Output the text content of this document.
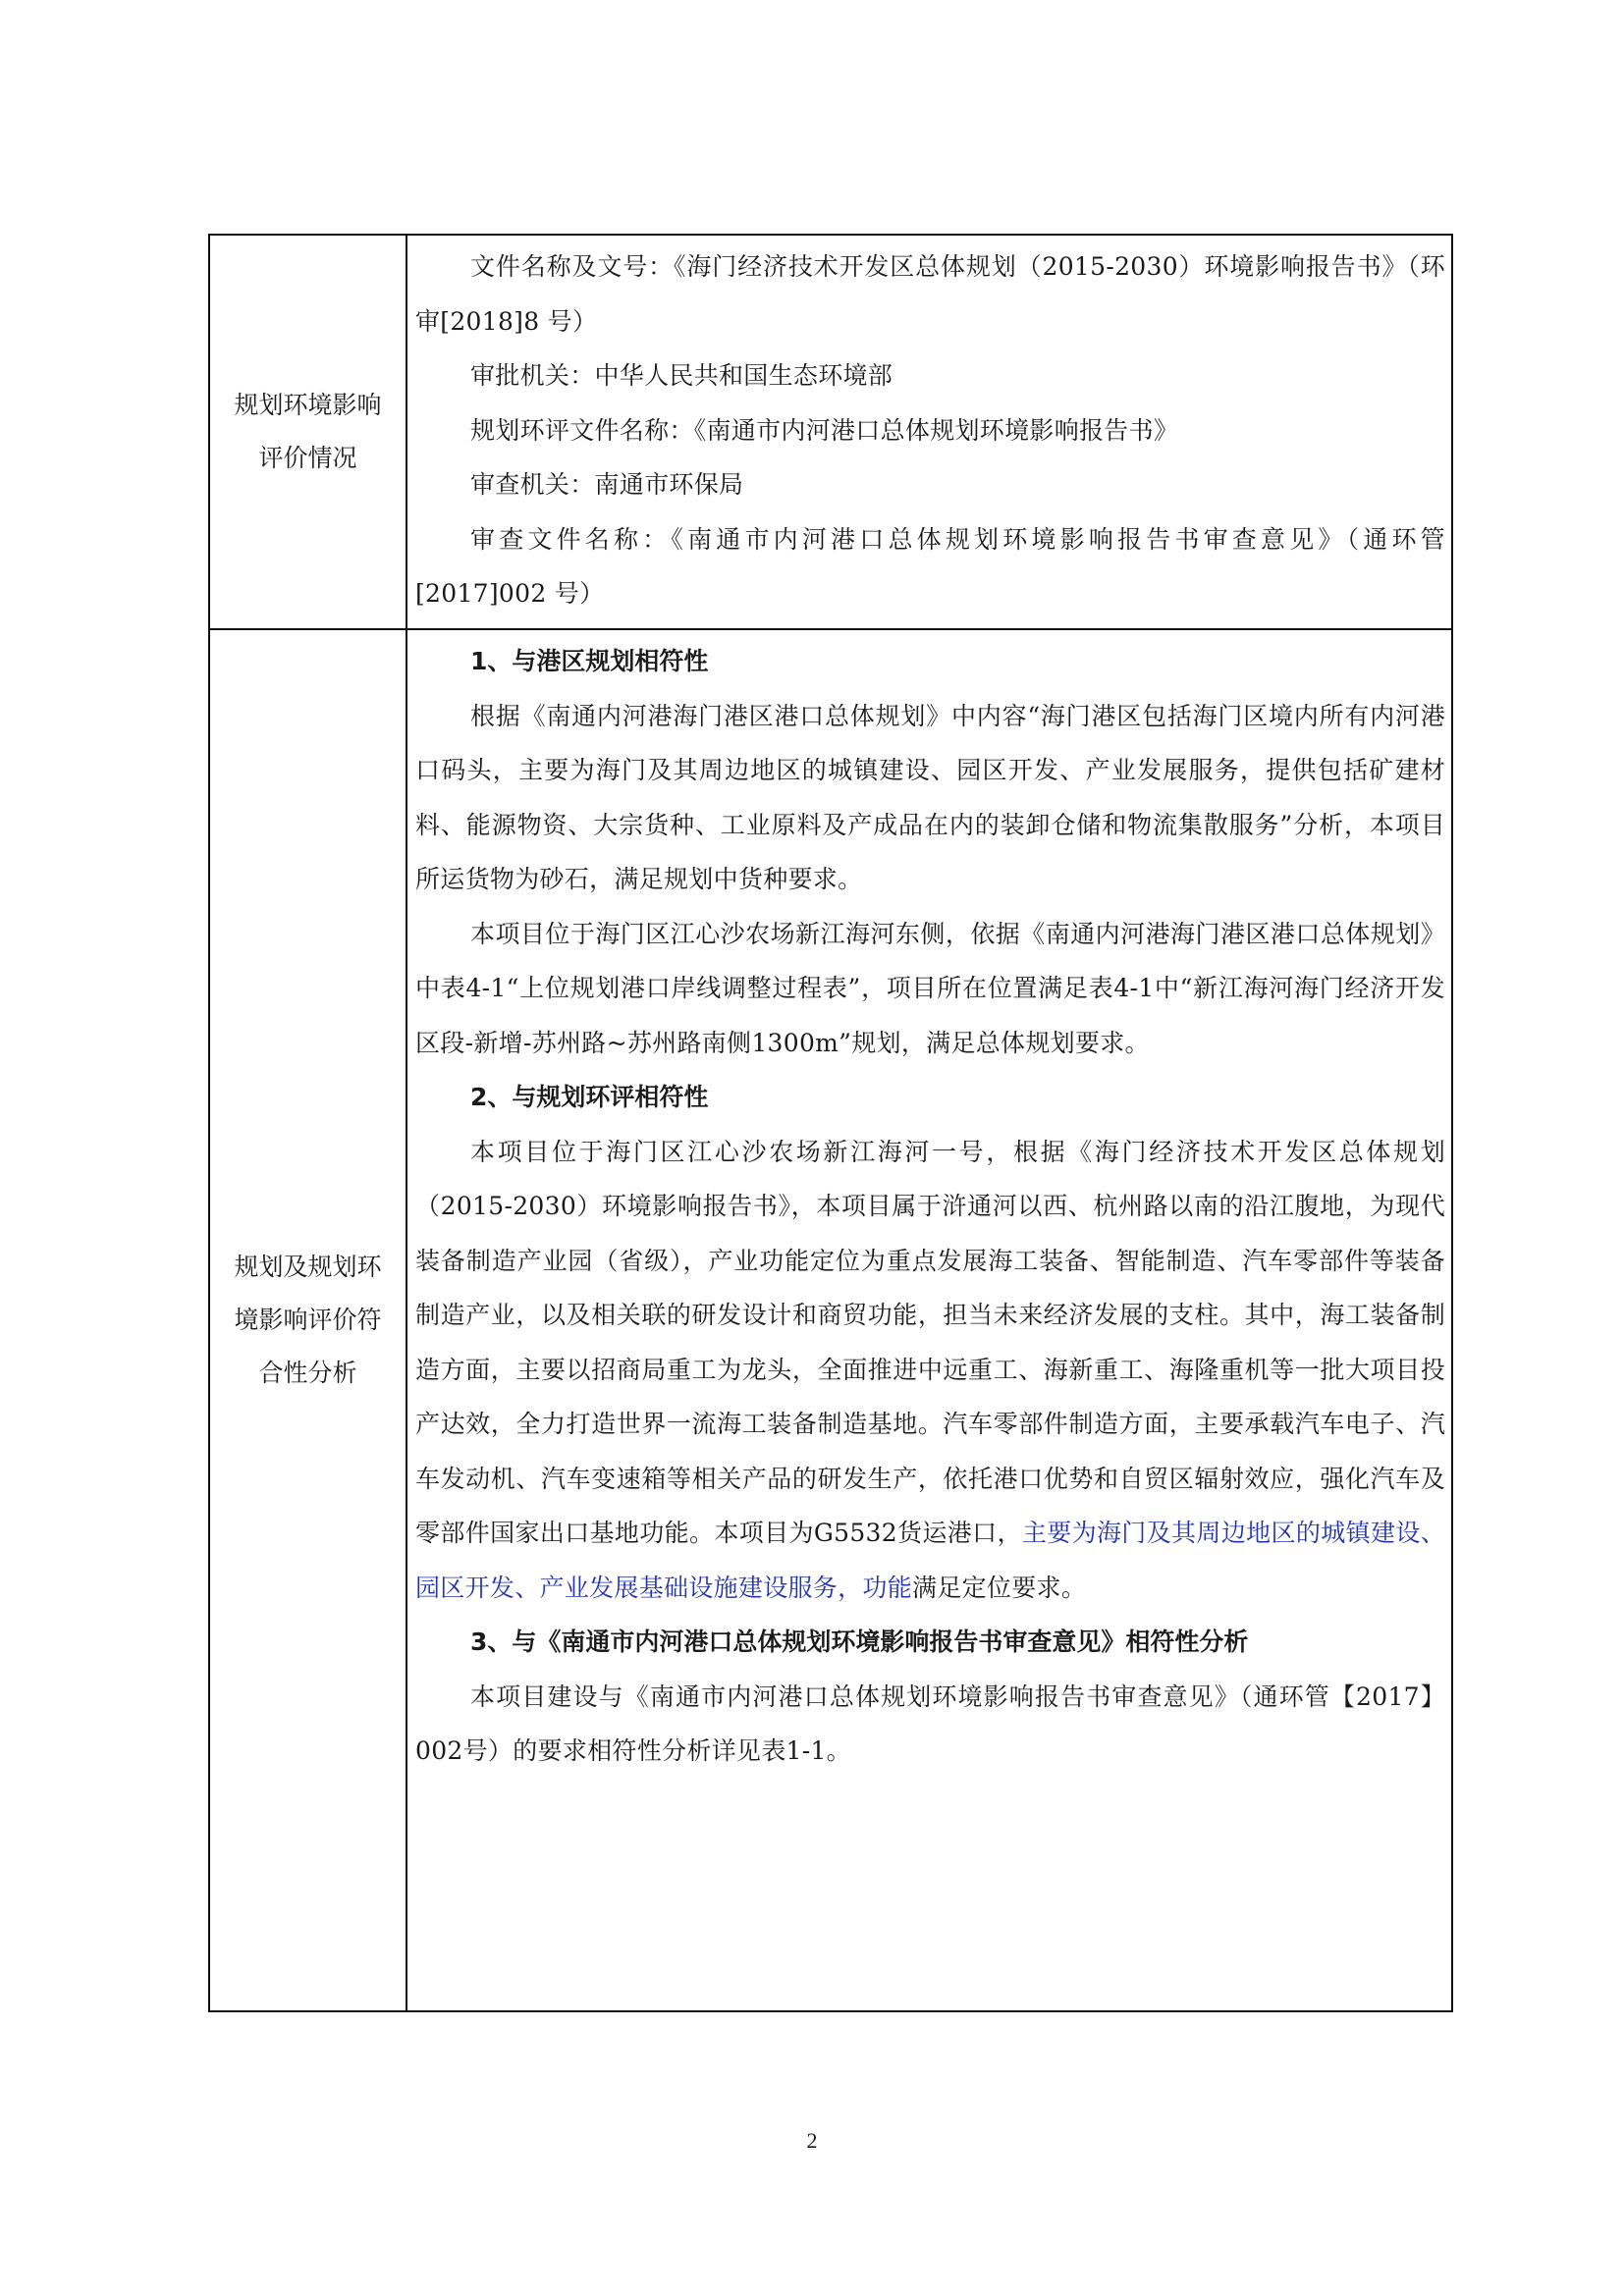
规划环境影响
评价情况

文件名称及文号：《海门经济技术开发区总体规划（2015-2030）环境影响报告书》（环审[2018]8 号）

审批机关：中华人民共和国生态环境部

规划环评文件名称：《南通市内河港口总体规划环境影响报告书》

审查机关：南通市环保局

审查文件名称：《南通市内河港口总体规划环境影响报告书审查意见》（通环管[2017]002 号）

规划及规划环
境影响评价符
合性分析

1、与港区规划相符性

根据《南通内河港海门港区港口总体规划》中内容“海门港区包括海门区境内所有内河港口码头，主要为海门及其周边地区的城镇建设、园区开发、产业发展服务，提供包括矿建材料、能源物资、大宗货种、工业原料及产成品在内的装卸仓储和物流集散服务”分析，本项目所运货物为砂石，满足规划中货种要求。

本项目位于海门区江心沙农场新江海河东侧，依据《南通内河港海门港区港口总体规划》中表4-1“上位规划港口岸线调整过程表”，项目所在位置满足表4-1中“新江海河海门经济开发区段-新增-苏州路~苏州路南侧1300m”规划，满足总体规划要求。

2、与规划环评相符性

本项目位于海门区江心沙农场新江海河一号，根据《海门经济技术开发区总体规划（2015-2030）环境影响报告书》，本项目属于浒通河以西、杭州路以南的沿江腹地，为现代装备制造产业园（省级），产业功能定位为重点发展海工装备、智能制造、汽车零部件等装备制造产业，以及相关联的研发设计和商贸功能，担当未来经济发展的支柱。其中，海工装备制造方面，主要以招商局重工为龙头，全面推进中远重工、海新重工、海隆重机等一批大项目投产达效，全力打造世界一流海工装备制造基地。汽车零部件制造方面，主要承载汽车电子、汽车发动机、汽车变速箱等相关产品的研发生产，依托港口优势和自贸区辐射效应，强化汽车及零部件国家出口基地功能。本项目为G5532货运港口，主要为海门及其周边地区的城镇建设、园区开发、产业发展基础设施建设服务，功能满足定位要求。

3、与《南通市内河港口总体规划环境影响报告书审查意见》相符性分析

本项目建设与《南通市内河港口总体规划环境影响报告书审查意见》（通环管【2017】002号）的要求相符性分析详见表1-1。

2
